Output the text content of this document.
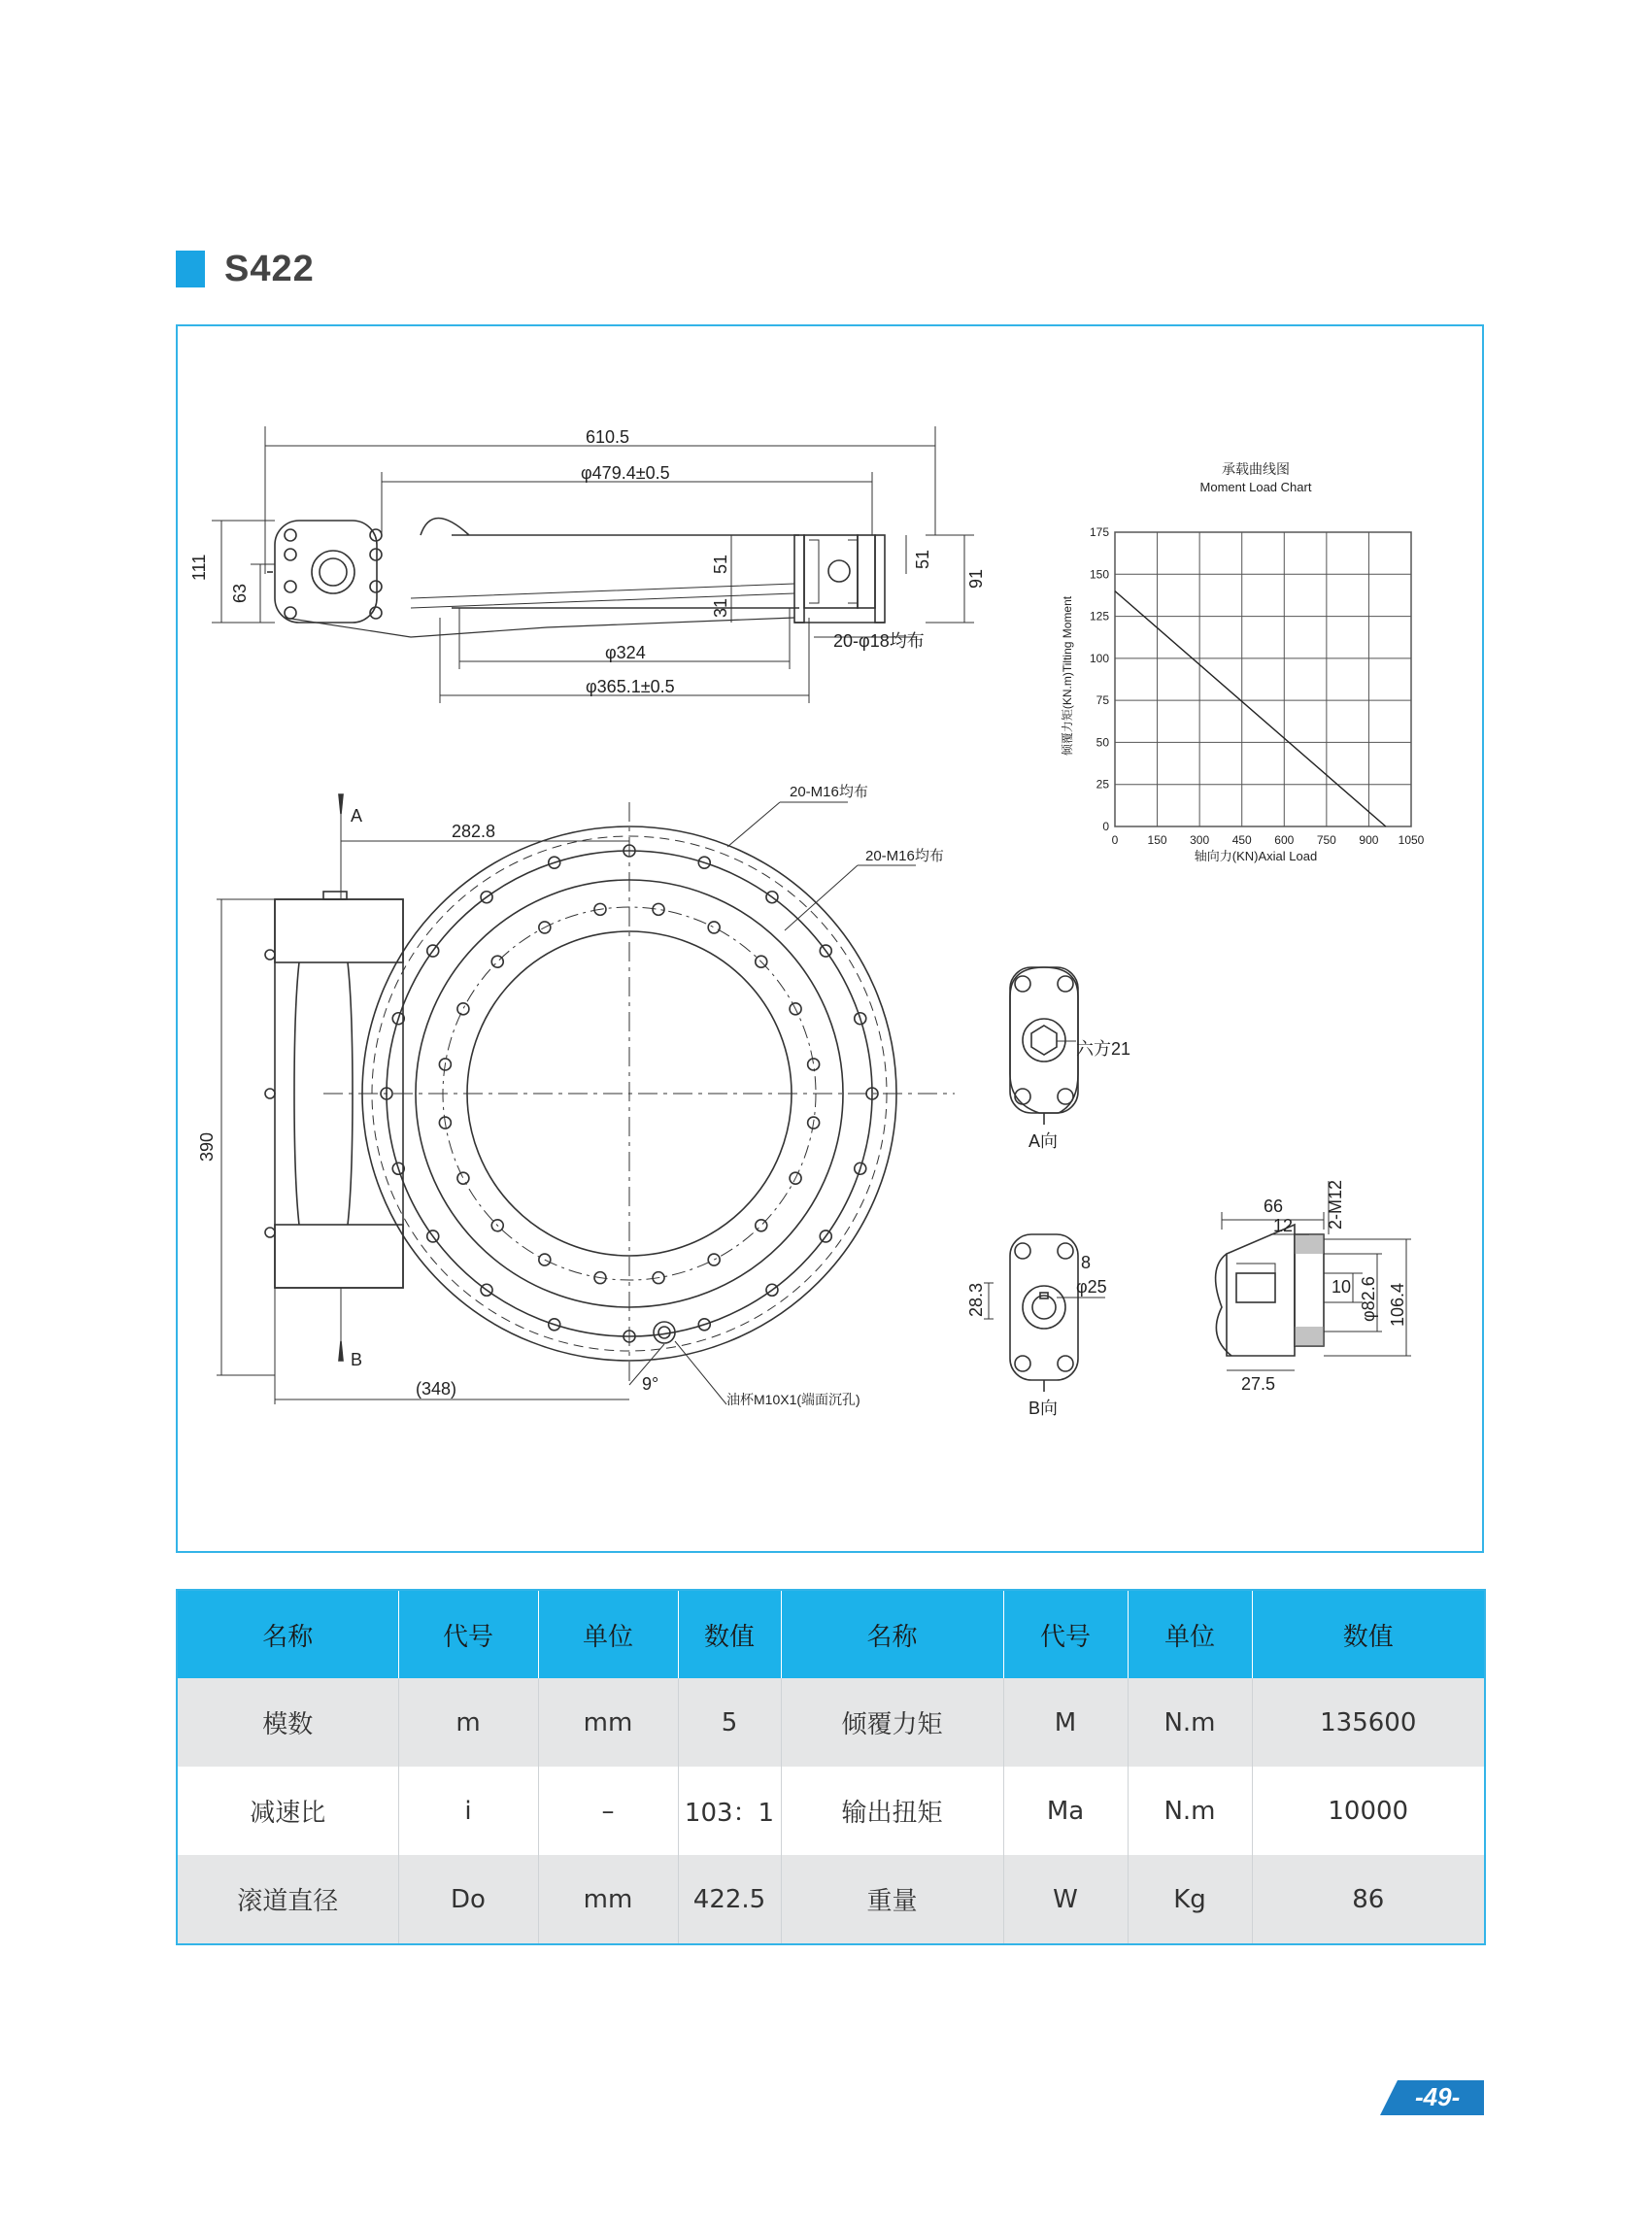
S422
610.5
φ479.4±0.5
111
63
51
31
51
91
20-φ18均布
φ324
φ365.1±0.5
A
B
282.8
390
(348)	9°
20-M16均布
20-M16均布
油杯M10X1(端面沉孔)
六方21
A向
8
φ25
28.3
B向
66
12 2-M12
10 φ82.6 106.4
27.5
承载曲线图
Moment Load Chart
轴向力(KN)Axial Load
倾覆力矩(KN.m)Tilting Moment
0	150 300 450 600 750 900 1050
0
25
50
75
100
125
150
175
名称	代号	单位	数值	名称	代号	单位	数值
模数	m	mm	5	倾覆力矩	M	N.m	135600
减速比	i	–	103：1	输出扭矩	Ma	N.m	10000
滚道直径	Do	mm	422.5	重量	W	Kg	86
-49-
